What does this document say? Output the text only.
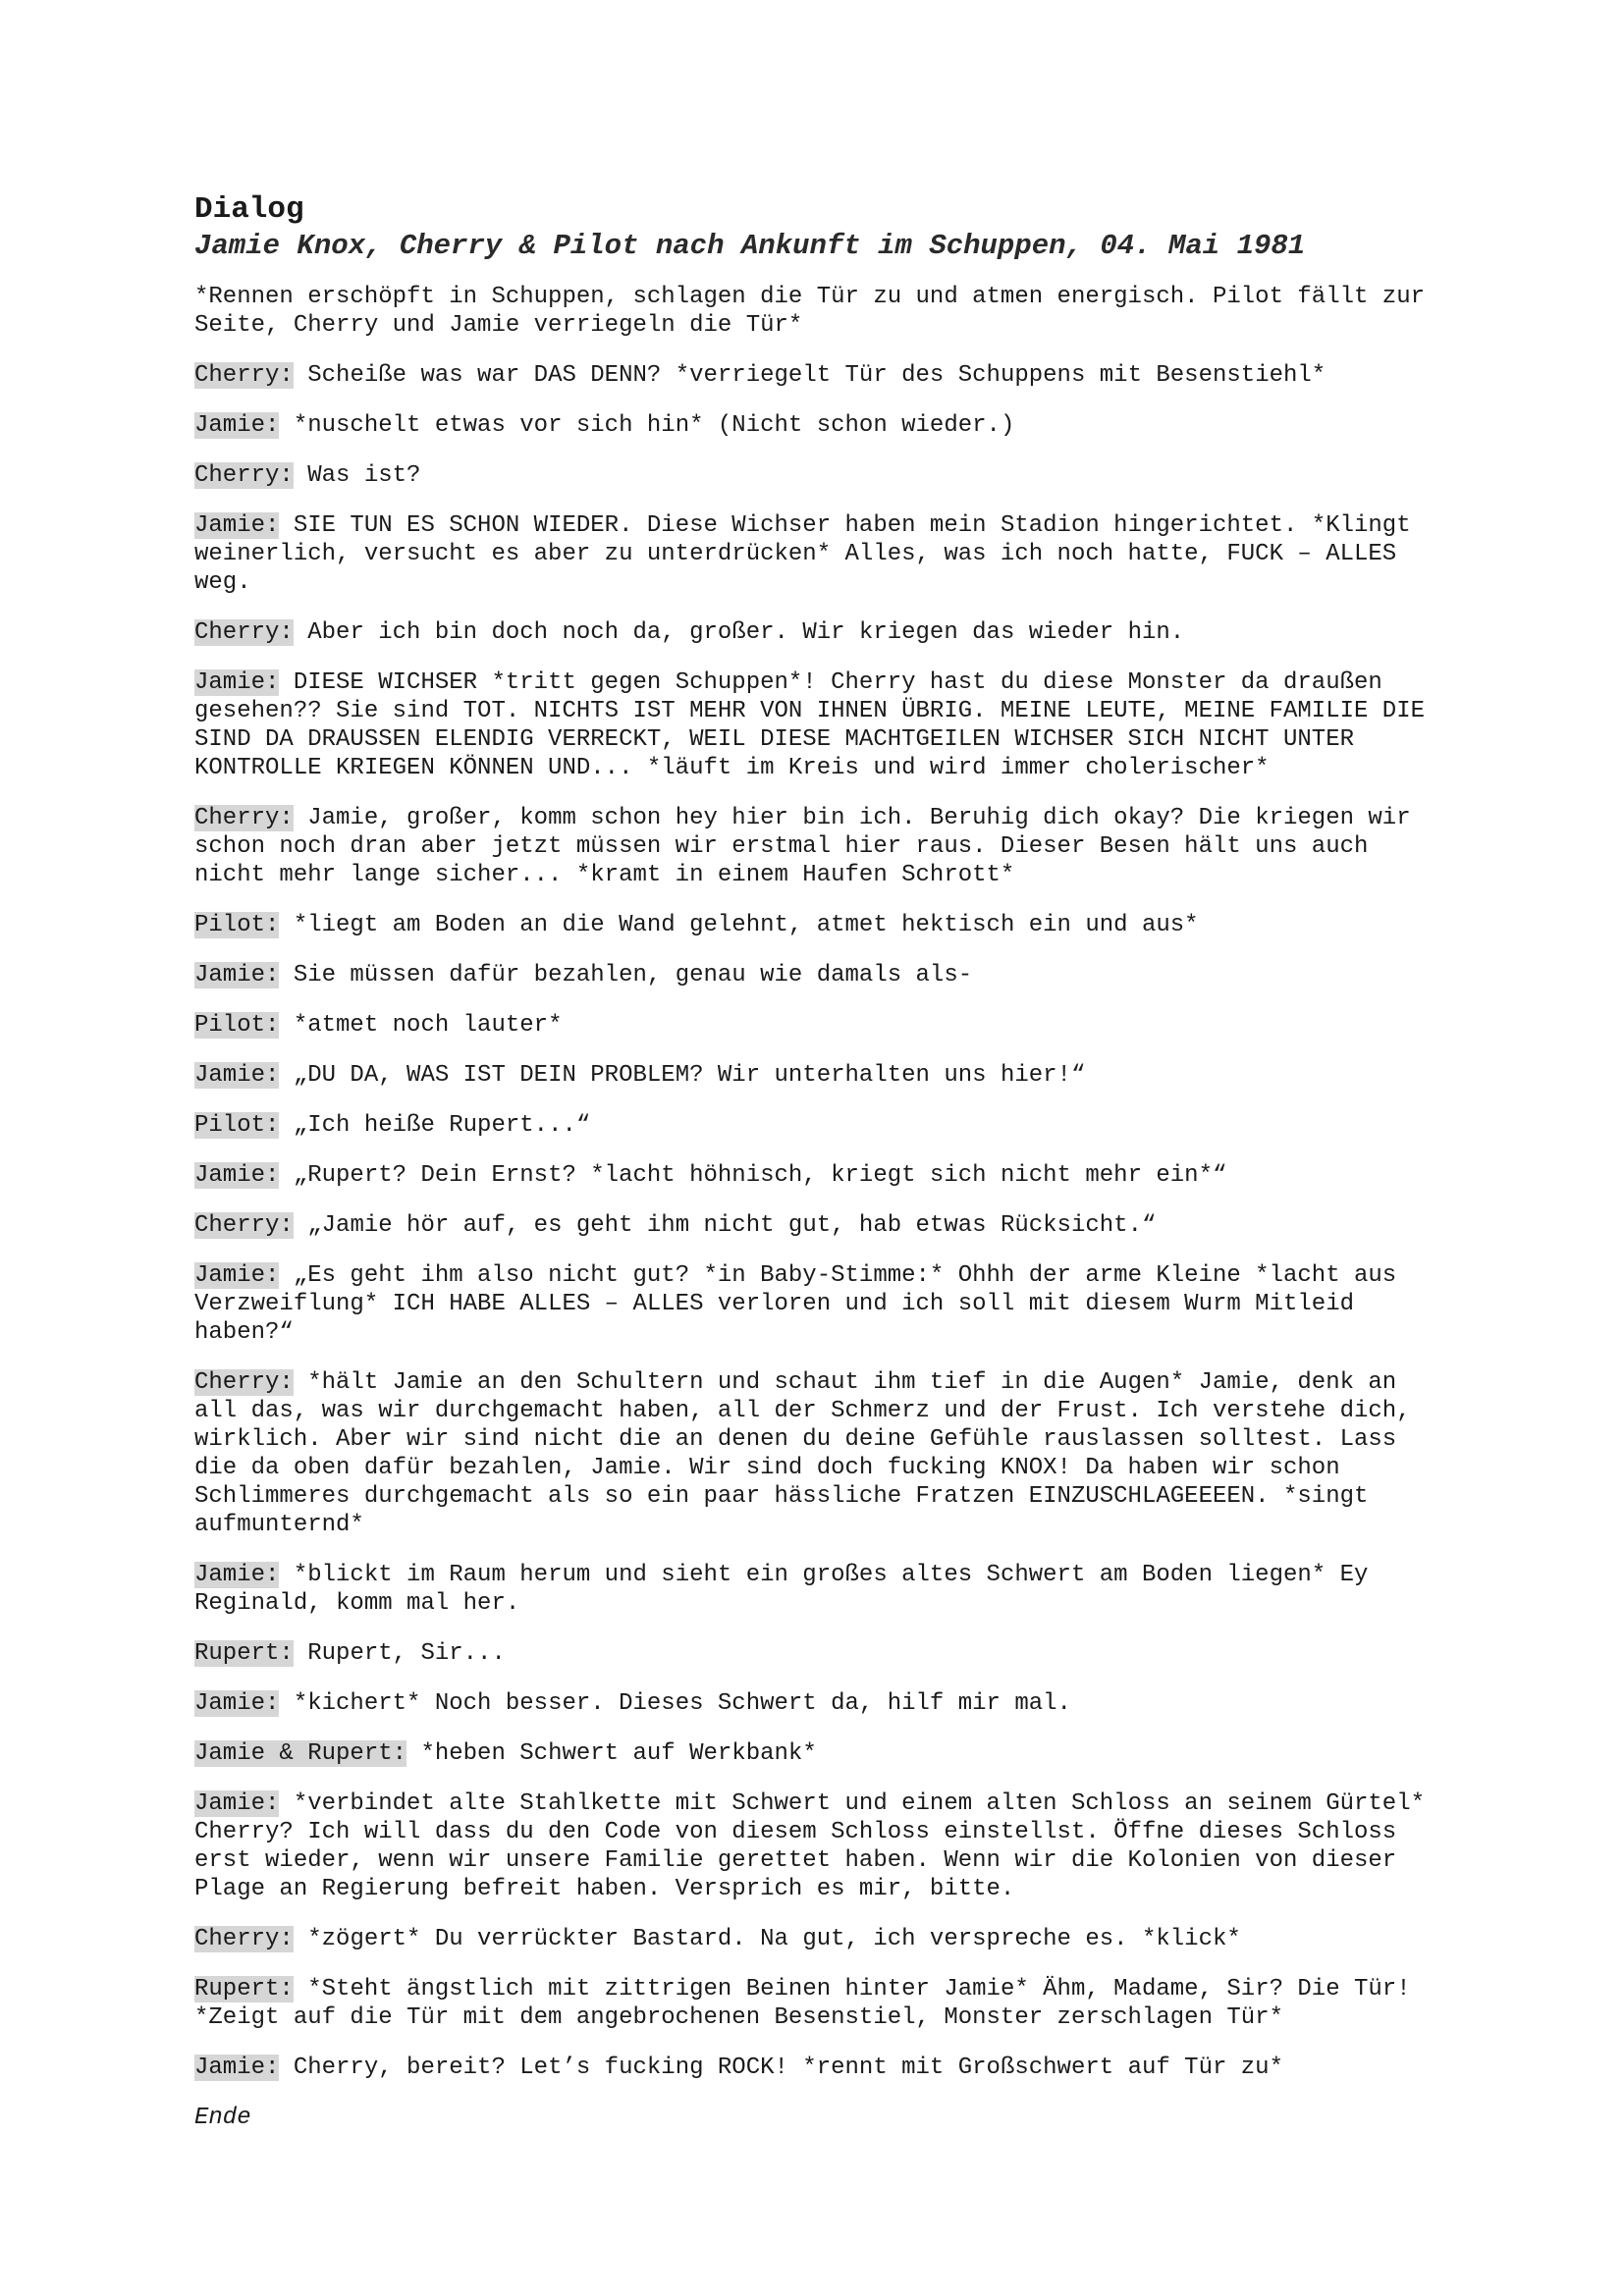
Dialog
Jamie Knox, Cherry & Pilot nach Ankunft im Schuppen, 04. Mai 1981

*Rennen erschöpft in Schuppen, schlagen die Tür zu und atmen energisch. Pilot fällt zur Seite, Cherry und Jamie verriegeln die Tür*

Cherry: Scheiße was war DAS DENN? *verriegelt Tür des Schuppens mit Besenstiehl*

Jamie: *nuschelt etwas vor sich hin* (Nicht schon wieder.)

Cherry: Was ist?

Jamie: SIE TUN ES SCHON WIEDER. Diese Wichser haben mein Stadion hingerichtet. *Klingt weinerlich, versucht es aber zu unterdrücken* Alles, was ich noch hatte, FUCK – ALLES weg.

Cherry: Aber ich bin doch noch da, großer. Wir kriegen das wieder hin.

Jamie: DIESE WICHSER *tritt gegen Schuppen*! Cherry hast du diese Monster da draußen gesehen?? Sie sind TOT. NICHTS IST MEHR VON IHNEN ÜBRIG. MEINE LEUTE, MEINE FAMILIE DIE SIND DA DRAUSSEN ELENDIG VERRECKT, WEIL DIESE MACHTGEILEN WICHSER SICH NICHT UNTER KONTROLLE KRIEGEN KÖNNEN UND... *läuft im Kreis und wird immer cholerischer*

Cherry: Jamie, großer, komm schon hey hier bin ich. Beruhig dich okay? Die kriegen wir schon noch dran aber jetzt müssen wir erstmal hier raus. Dieser Besen hält uns auch nicht mehr lange sicher... *kramt in einem Haufen Schrott*

Pilot: *liegt am Boden an die Wand gelehnt, atmet hektisch ein und aus*

Jamie: Sie müssen dafür bezahlen, genau wie damals als-

Pilot: *atmet noch lauter*

Jamie: „DU DA, WAS IST DEIN PROBLEM? Wir unterhalten uns hier!“

Pilot: „Ich heiße Rupert...“

Jamie: „Rupert? Dein Ernst? *lacht höhnisch, kriegt sich nicht mehr ein*“

Cherry: „Jamie hör auf, es geht ihm nicht gut, hab etwas Rücksicht.“

Jamie: „Es geht ihm also nicht gut? *in Baby-Stimme:* Ohhh der arme Kleine *lacht aus Verzweiflung* ICH HABE ALLES – ALLES verloren und ich soll mit diesem Wurm Mitleid haben?“

Cherry: *hält Jamie an den Schultern und schaut ihm tief in die Augen* Jamie, denk an all das, was wir durchgemacht haben, all der Schmerz und der Frust. Ich verstehe dich, wirklich. Aber wir sind nicht die an denen du deine Gefühle rauslassen solltest. Lass die da oben dafür bezahlen, Jamie. Wir sind doch fucking KNOX! Da haben wir schon Schlimmeres durchgemacht als so ein paar hässliche Fratzen EINZUSCHLAGEEEEN. *singt aufmunternd*

Jamie: *blickt im Raum herum und sieht ein großes altes Schwert am Boden liegen* Ey Reginald, komm mal her.

Rupert: Rupert, Sir...

Jamie: *kichert* Noch besser. Dieses Schwert da, hilf mir mal.

Jamie & Rupert: *heben Schwert auf Werkbank*

Jamie: *verbindet alte Stahlkette mit Schwert und einem alten Schloss an seinem Gürtel* Cherry? Ich will dass du den Code von diesem Schloss einstellst. Öffne dieses Schloss erst wieder, wenn wir unsere Familie gerettet haben. Wenn wir die Kolonien von dieser Plage an Regierung befreit haben. Versprich es mir, bitte.

Cherry: *zögert* Du verrückter Bastard. Na gut, ich verspreche es. *klick*

Rupert: *Steht ängstlich mit zittrigen Beinen hinter Jamie* Ähm, Madame, Sir? Die Tür! *Zeigt auf die Tür mit dem angebrochenen Besenstiel, Monster zerschlagen Tür*

Jamie: Cherry, bereit? Let’s fucking ROCK! *rennt mit Großschwert auf Tür zu*

Ende
